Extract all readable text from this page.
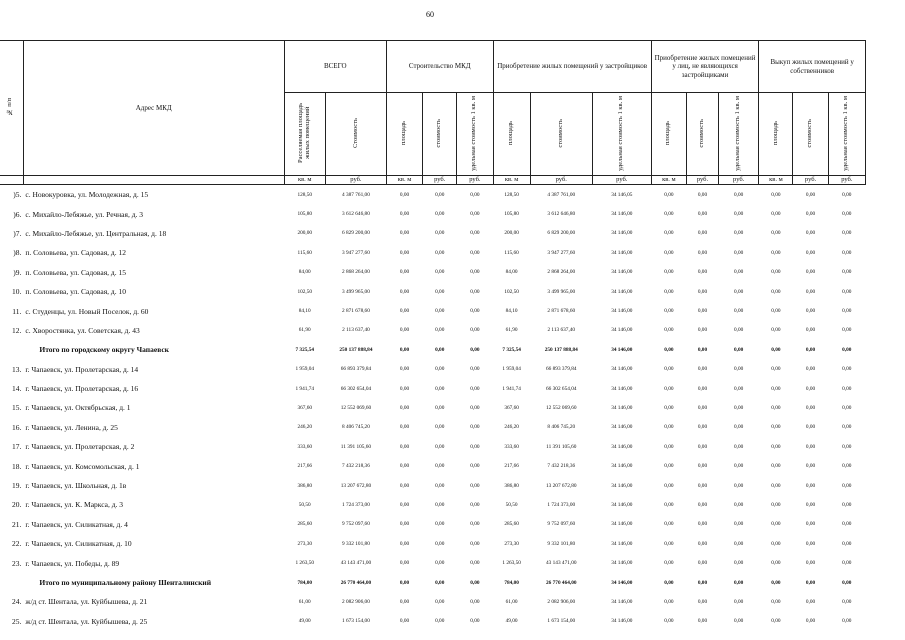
60
№ п/п	Адрес МКД	ВСЕГО		Строительство МКД			Приобретение жилых помещений у застройщиков			Приобретение жилых помещений у лиц, не являющихся застройщиками			Выкуп жилых помещений у собственников		

		Расселяемая площадь жилых помещений	Стоимость	площадь	стоимость	удельная стоимость 1 кв. м	площадь	стоимость	удельная стоимость 1 кв. м	площадь	стоимость	удельная стоимость 1 кв. м	площадь	стоимость	удельная стоимость 1 кв. м
		кв. м	руб.	кв. м	руб.	руб.	кв. м	руб.	руб.	кв. м	руб.	руб.	кв. м	руб.	руб.
)5.	с. Новокуровка, ул. Молодежная, д. 15	128,50	4 387 761,00	0,00	0,00	0,00	128,50	4 387 761,00	34 146,05	0,00	0,00	0,00	0,00	0,00	0,00
)6.	с. Михайло-Лебяжье, ул. Речная, д. 3	105,80	3 612 646,80	0,00	0,00	0,00	105,80	3 612 646,80	34 146,00	0,00	0,00	0,00	0,00	0,00	0,00
)7.	с. Михайло-Лебяжье, ул. Центральная, д. 18	200,00	6 829 200,00	0,00	0,00	0,00	200,00	6 829 200,00	34 146,00	0,00	0,00	0,00	0,00	0,00	0,00
)8.	п. Соловьева, ул. Садовая, д. 12	115,60	3 947 277,60	0,00	0,00	0,00	115,60	3 947 277,60	34 146,00	0,00	0,00	0,00	0,00	0,00	0,00
)9.	п. Соловьева, ул. Садовая, д. 15	84,00	2 868 264,00	0,00	0,00	0,00	84,00	2 868 264,00	34 146,00	0,00	0,00	0,00	0,00	0,00	0,00
10.	п. Соловьева, ул. Садовая, д. 10	102,50	3 499 965,00	0,00	0,00	0,00	102,50	3 499 965,00	34 146,00	0,00	0,00	0,00	0,00	0,00	0,00
11.	с. Студенцы, ул. Новый Поселок, д. 60	84,10	2 871 678,60	0,00	0,00	0,00	84,10	2 871 678,60	34 146,00	0,00	0,00	0,00	0,00	0,00	0,00
12.	с. Хворостянка, ул. Советская, д. 43	61,90	2 113 637,40	0,00	0,00	0,00	61,90	2 113 637,40	34 146,00	0,00	0,00	0,00	0,00	0,00	0,00
	Итого по городскому округу Чапаевск	7 325,54	250 137 888,84	0,00	0,00	0,00	7 325,54	250 137 888,84	34 146,00	0,00	0,00	0,00	0,00	0,00	0,00
13.	г. Чапаевск, ул. Пролетарская, д. 14	1 959,04	66 893 379,84	0,00	0,00	0,00	1 959,04	66 893 379,84	34 146,00	0,00	0,00	0,00	0,00	0,00	0,00
14.	г. Чапаевск, ул. Пролетарская, д. 16	1 941,74	66 302 654,04	0,00	0,00	0,00	1 941,74	66 302 654,04	34 146,00	0,00	0,00	0,00	0,00	0,00	0,00
15.	г. Чапаевск, ул. Октябрьская, д. 1	367,60	12 552 069,60	0,00	0,00	0,00	367,60	12 552 069,60	34 146,00	0,00	0,00	0,00	0,00	0,00	0,00
16.	г. Чапаевск, ул. Ленина, д. 25	246,20	8 406 745,20	0,00	0,00	0,00	246,20	8 406 745,20	34 146,00	0,00	0,00	0,00	0,00	0,00	0,00
17.	г. Чапаевск, ул. Пролетарская, д. 2	333,60	11 391 105,60	0,00	0,00	0,00	333,60	11 391 105,60	34 146,00	0,00	0,00	0,00	0,00	0,00	0,00
18.	г. Чапаевск, ул. Комсомольская, д. 1	217,66	7 432 218,36	0,00	0,00	0,00	217,66	7 432 218,36	34 146,00	0,00	0,00	0,00	0,00	0,00	0,00
19.	г. Чапаевск, ул. Школьная, д. 1в	386,80	13 207 672,80	0,00	0,00	0,00	386,80	13 207 672,80	34 146,00	0,00	0,00	0,00	0,00	0,00	0,00
20.	г. Чапаевск, ул. К. Маркса, д. 3	50,50	1 724 373,00	0,00	0,00	0,00	50,50	1 724 373,00	34 146,00	0,00	0,00	0,00	0,00	0,00	0,00
21.	г. Чапаевск, ул. Силикатная, д. 4	285,60	9 752 097,60	0,00	0,00	0,00	285,60	9 752 097,60	34 146,00	0,00	0,00	0,00	0,00	0,00	0,00
22.	г. Чапаевск, ул. Силикатная, д. 10	273,30	9 332 101,80	0,00	0,00	0,00	273,30	9 332 101,80	34 146,00	0,00	0,00	0,00	0,00	0,00	0,00
23.	г. Чапаевск, ул. Победы, д. 89	1 263,50	43 143 471,00	0,00	0,00	0,00	1 263,50	43 143 471,00	34 146,00	0,00	0,00	0,00	0,00	0,00	0,00
	Итого по муниципальному району Шенталинский	784,00	26 770 464,00	0,00	0,00	0,00	784,00	26 770 464,00	34 146,00	0,00	0,00	0,00	0,00	0,00	0,00
24.	ж/д ст. Шентала, ул. Куйбышева, д. 21	61,00	2 082 906,00	0,00	0,00	0,00	61,00	2 082 906,00	34 146,00	0,00	0,00	0,00	0,00	0,00	0,00
25.	ж/д ст. Шентала, ул. Куйбышева, д. 25	49,00	1 673 154,00	0,00	0,00	0,00	49,00	1 673 154,00	34 146,00	0,00	0,00	0,00	0,00	0,00	0,00
